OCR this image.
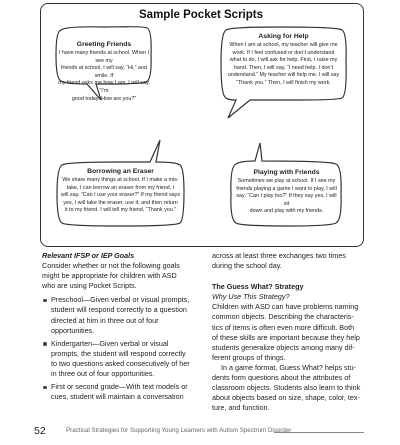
Sample Pocket Scripts
Greeting Friends
I have many friends at school. When I see my
friends at school, I will say, “Hi,” and smile. If
my friend asks me how I am, I will say, “I’m
good today. How are you?”
Asking for Help
When I am at school, my teacher will give me
work. If I feel confused or don’t understand
what to do, I will ask for help. First, I raise my
hand. Then, I will say, “I need help. I don’t
understand.” My teacher will help me. I will say
“Thank you.” Then, I will finish my work.
Borrowing an Eraser
We share many things at school. If I make a mis-
take, I can borrow an eraser from my friend. I
will say, “Can I use your eraser?” If my friend says
yes, I will take the eraser, use it, and then return
it to my friend. I will tell my friend, “Thank you.”
Playing with Friends
Sometimes we play at school. If I see my
friends playing a game I want to play, I will
say, “Can I play too?” If they say yes, I will sit
down and play with my friends.

Relevant IFSP or IEP Goals

Consider whether or not the following goals

might be appropriate for children with ASD

who are using Pocket Scripts.

Preschool—Given verbal or visual prompts,
student will respond correctly to a question
directed at him in three out of four
opportunities.
Kindergarten—Given verbal or visual
prompts, the student will respond correctly
to two questions asked consecutively of her
in three out of four opportunities.
First or second grade—With text models or
cues, student will maintain a conversation

across at least three exchanges two times

during the school day.

The Guess What? Strategy

Why Use This Strategy?

Children with ASD can have problems naming

common objects. Describing the characteris-

tics of items is often even more difficult. Both

of these skills are important because they help

students generalize objects among many dif-

ferent groups of things.

In a game format, Guess What? helps stu-

dents form questions about the attributes of

classroom objects. Students also learn to think

about objects based on size, shape, color, tex-

ture, and function.

52	Practical Strategies for Supporting Young Learners with Autism Spectrum Disorder
